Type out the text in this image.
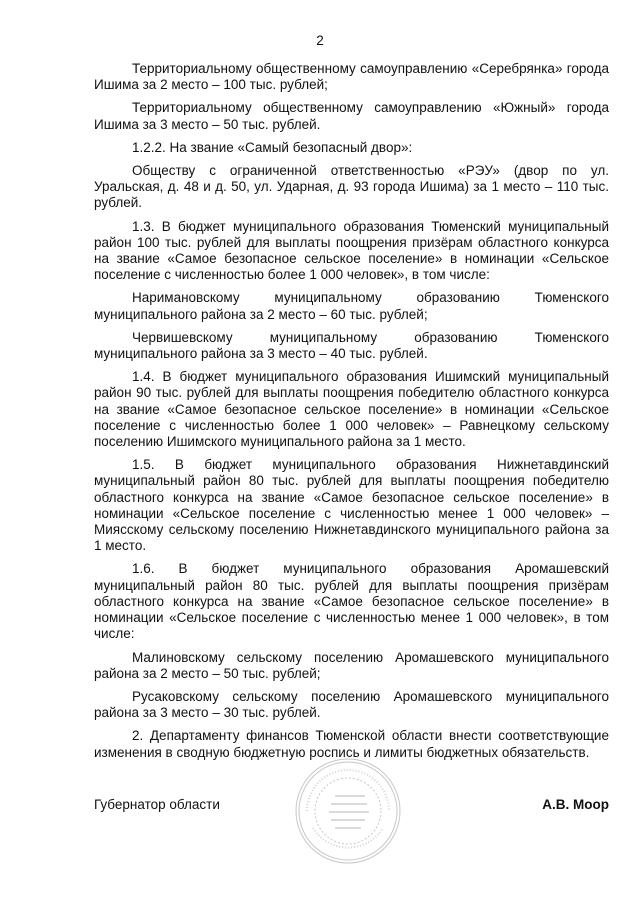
2

Территориальному общественному самоуправлению «Серебрянка» города Ишима за 2 место – 100 тыс. рублей;

Территориальному общественному самоуправлению «Южный» города Ишима за 3 место – 50 тыс. рублей.

1.2.2. На звание «Самый безопасный двор»:

Обществу с ограниченной ответственностью «РЭУ» (двор по ул. Уральская, д. 48 и д. 50, ул. Ударная, д. 93 города Ишима) за 1 место – 110 тыс. рублей.

1.3. В бюджет муниципального образования Тюменский муниципальный район 100 тыс. рублей для выплаты поощрения призёрам областного конкурса на звание «Самое безопасное сельское поселение» в номинации «Сельское поселение с численностью более 1 000 человек», в том числе:

Наримановскому муниципальному образованию Тюменского муниципального района за 2 место – 60 тыс. рублей;

Червишевскому муниципальному образованию Тюменского муниципального района за 3 место – 40 тыс. рублей.

1.4. В бюджет муниципального образования Ишимский муниципальный район 90 тыс. рублей для выплаты поощрения победителю областного конкурса на звание «Самое безопасное сельское поселение» в номинации «Сельское поселение с численностью более 1 000 человек» – Равнецкому сельскому поселению Ишимского муниципального района за 1 место.

1.5. В бюджет муниципального образования Нижнетавдинский муниципальный район 80 тыс. рублей для выплаты поощрения победителю областного конкурса на звание «Самое безопасное сельское поселение» в номинации «Сельское поселение с численностью менее 1 000 человек» – Миясскому сельскому поселению Нижнетавдинского муниципального района за 1 место.

1.6. В бюджет муниципального образования Аромашевский муниципальный район 80 тыс. рублей для выплаты поощрения призёрам областного конкурса на звание «Самое безопасное сельское поселение» в номинации «Сельское поселение с численностью менее 1 000 человек», в том числе:

Малиновскому сельскому поселению Аромашевского муниципального района за 2 место – 50 тыс. рублей;

Русаковскому сельскому поселению Аромашевского муниципального района за 3 место – 30 тыс. рублей.

2. Департаменту финансов Тюменской области внести соответствующие изменения в сводную бюджетную роспись и лимиты бюджетных обязательств.

Губернатор области	А.В. Моор
